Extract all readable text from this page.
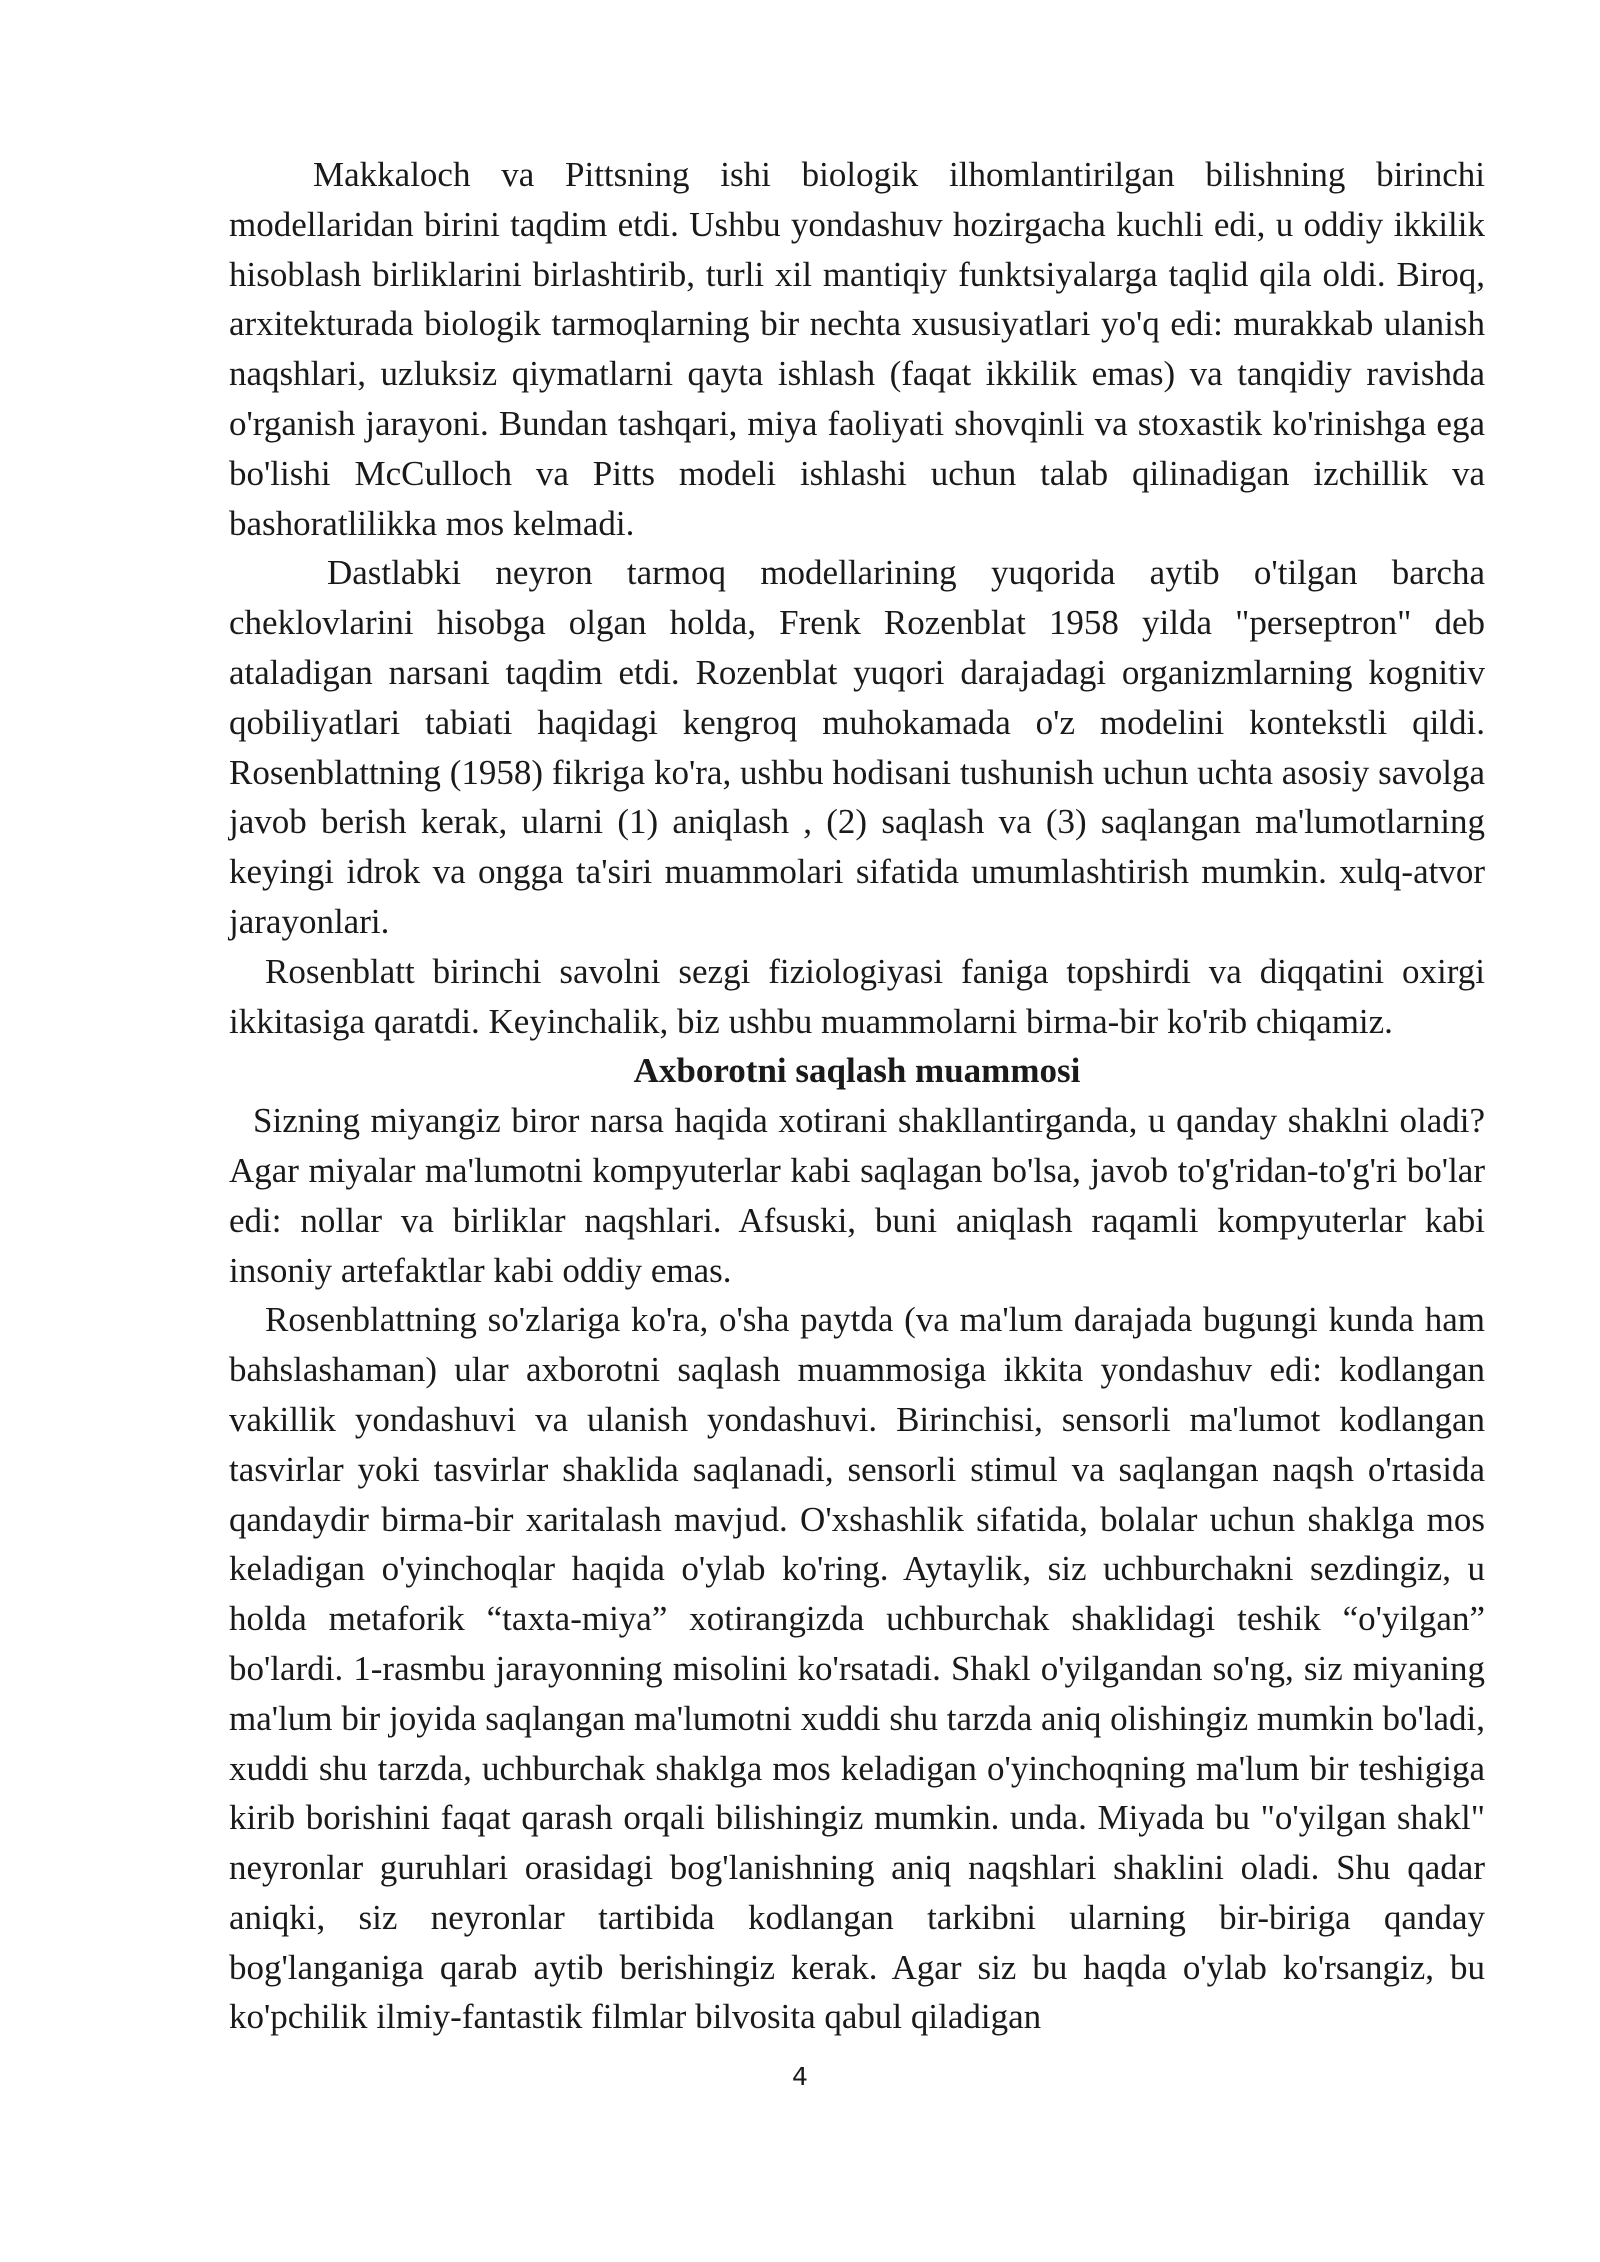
Makkaloch va Pittsning ishi biologik ilhomlantirilgan bilishning birinchi modellaridan birini taqdim etdi. Ushbu yondashuv hozirgacha kuchli edi, u oddiy ikkilik hisoblash birliklarini birlashtirib, turli xil mantiqiy funktsiyalarga taqlid qila oldi. Biroq, arxitekturada biologik tarmoqlarning bir nechta xususiyatlari yo'q edi: murakkab ulanish naqshlari, uzluksiz qiymatlarni qayta ishlash (faqat ikkilik emas) va tanqidiy ravishda o'rganish jarayoni. Bundan tashqari, miya faoliyati shovqinli va stoxastik ko'rinishga ega bo'lishi McCulloch va Pitts modeli ishlashi uchun talab qilinadigan izchillik va bashoratlilikka mos kelmadi.

Dastlabki neyron tarmoq modellarining yuqorida aytib o'tilgan barcha cheklovlarini hisobga olgan holda, Frenk Rozenblat 1958 yilda "perseptron" deb ataladigan narsani taqdim etdi. Rozenblat yuqori darajadagi organizmlarning kognitiv qobiliyatlari tabiati haqidagi kengroq muhokamada o'z modelini kontekstli qildi. Rosenblattning (1958) fikriga ko'ra, ushbu hodisani tushunish uchun uchta asosiy savolga javob berish kerak, ularni (1) aniqlash , (2) saqlash va (3) saqlangan ma'lumotlarning keyingi idrok va ongga ta'siri muammolari sifatida umumlashtirish mumkin. xulq-atvor jarayonlari.

Rosenblatt birinchi savolni sezgi fiziologiyasi faniga topshirdi va diqqatini oxirgi ikkitasiga qaratdi. Keyinchalik, biz ushbu muammolarni birma-bir ko'rib chiqamiz.

Axborotni saqlash muammosi

Sizning miyangiz biror narsa haqida xotirani shakllantirganda, u qanday shaklni oladi? Agar miyalar ma'lumotni kompyuterlar kabi saqlagan bo'lsa, javob to'g'ridan-to'g'ri bo'lar edi: nollar va birliklar naqshlari. Afsuski, buni aniqlash raqamli kompyuterlar kabi insoniy artefaktlar kabi oddiy emas.

Rosenblattning so'zlariga ko'ra, o'sha paytda (va ma'lum darajada bugungi kunda ham bahslashaman) ular axborotni saqlash muammosiga ikkita yondashuv edi: kodlangan vakillik yondashuvi va ulanish yondashuvi. Birinchisi, sensorli ma'lumot kodlangan tasvirlar yoki tasvirlar shaklida saqlanadi, sensorli stimul va saqlangan naqsh o'rtasida qandaydir birma-bir xaritalash mavjud. O'xshashlik sifatida, bolalar uchun shaklga mos keladigan o'yinchoqlar haqida o'ylab ko'ring. Aytaylik, siz uchburchakni sezdingiz, u holda metaforik “taxta-miya” xotirangizda uchburchak shaklidagi teshik “o'yilgan” bo'lardi. 1-rasmbu jarayonning misolini ko'rsatadi. Shakl o'yilgandan so'ng, siz miyaning ma'lum bir joyida saqlangan ma'lumotni xuddi shu tarzda aniq olishingiz mumkin bo'ladi, xuddi shu tarzda, uchburchak shaklga mos keladigan o'yinchoqning ma'lum bir teshigiga kirib borishini faqat qarash orqali bilishingiz mumkin. unda. Miyada bu "o'yilgan shakl" neyronlar guruhlari orasidagi bog'lanishning aniq naqshlari shaklini oladi. Shu qadar aniqki, siz neyronlar tartibida kodlangan tarkibni ularning bir-biriga qanday bog'langaniga qarab aytib berishingiz kerak. Agar siz bu haqda o'ylab ko'rsangiz, bu ko'pchilik ilmiy-fantastik filmlar bilvosita qabul qiladigan

4
